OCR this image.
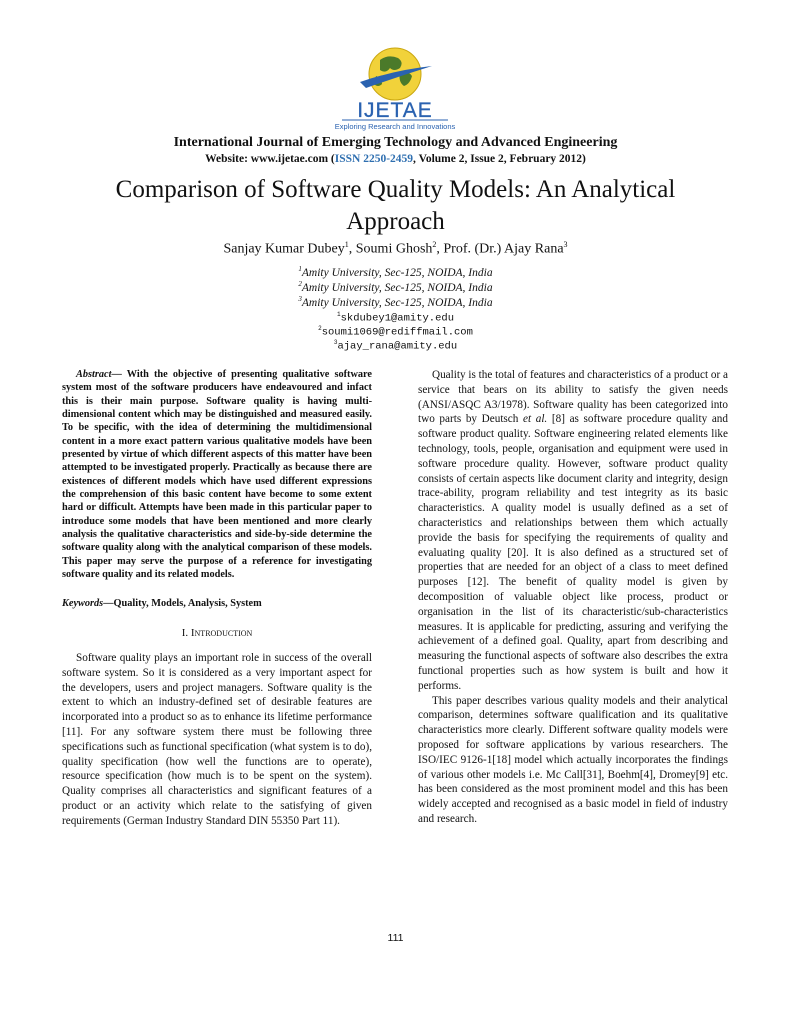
IJETAE
Exploring Research and Innovations
International Journal of Emerging Technology and Advanced Engineering
Website: www.ijetae.com (ISSN 2250-2459, Volume 2, Issue 2, February 2012)
Comparison of Software Quality Models: An Analytical Approach
Sanjay Kumar Dubey$^1$, Soumi Ghosh$^2$, Prof. (Dr.) Ajay Rana$^3$
$^1$Amity University, Sec-125, NOIDA, India
$^2$Amity University, Sec-125, NOIDA, India
$^3$Amity University, Sec-125, NOIDA, India
$^1$skdubey1@amity.edu
$^2$soumi1069@rediffmail.com
$^3$ajay_rana@amity.edu

Abstract— With the objective of presenting qualitative software system most of the software producers have endeavoured and infact this is their main purpose. Software quality is having multi-dimensional content which may be distinguished and measured easily. To be specific, with the idea of determining the multidimensional content in a more exact pattern various qualitative models have been presented by virtue of which different aspects of this matter have been attempted to be investigated properly. Practically as because there are existences of different models which have used different expressions the comprehension of this basic content have become to some extent hard or difficult. Attempts have been made in this particular paper to introduce some models that have been mentioned and more clearly analysis the qualitative characteristics and side-by-side determine the software quality along with the analytical comparison of these models. This paper may serve the purpose of a reference for investigating software quality and its related models.

Keywords—Quality, Models, Analysis, System

I. Introduction

Software quality plays an important role in success of the overall software system. So it is considered as a very important aspect for the developers, users and project managers. Software quality is the extent to which an industry-defined set of desirable features are incorporated into a product so as to enhance its lifetime performance [11]. For any software system there must be following three specifications such as functional specification (what system is to do), quality specification (how well the functions are to operate), resource specification (how much is to be spent on the system). Quality comprises all characteristics and significant features of a product or an activity which relate to the satisfying of given requirements (German Industry Standard DIN 55350 Part 11).

Quality is the total of features and characteristics of a product or a service that bears on its ability to satisfy the given needs (ANSI/ASQC A3/1978). Software quality has been categorized into two parts by Deutsch et al. [8] as software procedure quality and software product quality. Software engineering related elements like technology, tools, people, organisation and equipment were used in software procedure quality. However, software product quality consists of certain aspects like document clarity and integrity, design trace-ability, program reliability and test integrity as its basic characteristics. A quality model is usually defined as a set of characteristics and relationships between them which actually provide the basis for specifying the requirements of quality and evaluating quality [20]. It is also defined as a structured set of properties that are needed for an object of a class to meet defined purposes [12]. The benefit of quality model is given by decomposition of valuable object like process, product or organisation in the list of its characteristic/sub-characteristics measures. It is applicable for predicting, assuring and verifying the achievement of a defined goal. Quality, apart from describing and measuring the functional aspects of software also describes the extra functional properties such as how system is built and how it performs.

This paper describes various quality models and their analytical comparison, determines software qualification and its qualitative characteristics more clearly. Different software quality models were proposed for software applications by various researchers. The ISO/IEC 9126-1[18] model which actually incorporates the findings of various other models i.e. Mc Call[31], Boehm[4], Dromey[9] etc. has been considered as the most prominent model and this has been widely accepted and recognised as a basic model in field of industry and research.

111
